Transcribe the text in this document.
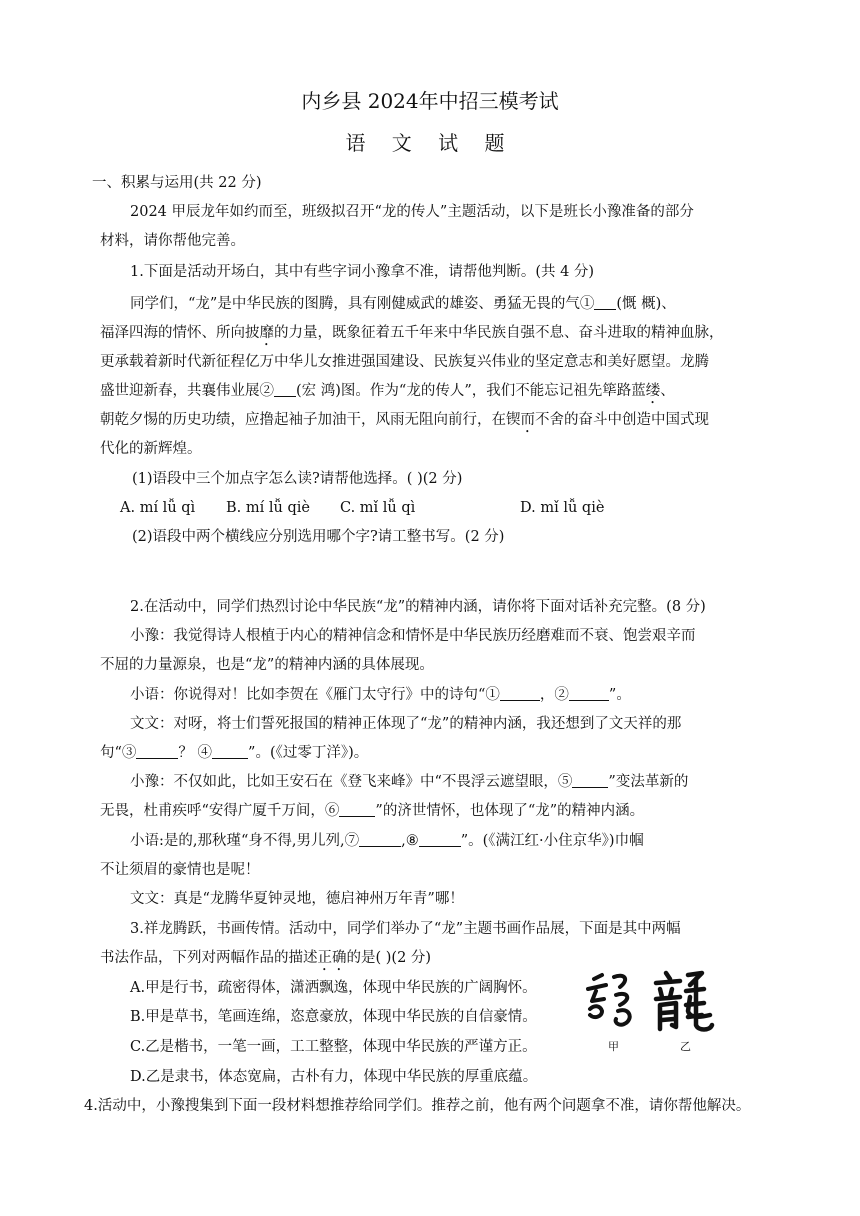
内乡县 2024年中招三模考试
语 文 试 题
一、积累与运用(共 22 分)
2024 甲辰龙年如约而至，班级拟召开“龙的传人”主题活动，以下是班长小豫准备的部分
材料，请你帮他完善。
1.下面是活动开场白，其中有些字词小豫拿不准，请帮他判断。(共 4 分)
同学们，“龙”是中华民族的图腾，具有刚健威武的雄姿、勇猛无畏的气① (慨 概)、
福泽四海的情怀、所向披靡的力量，既象征着五千年来中华民族自强不息、奋斗进取的精神血脉，
更承载着新时代新征程亿万中华儿女推进强国建设、民族复兴伟业的坚定意志和美好愿望。龙腾
盛世迎新春，共襄伟业展② (宏 鸿)图。作为“龙的传人”，我们不能忘记祖先筚路蓝缕、
朝乾夕惕的历史功绩，应撸起袖子加油干，风雨无阻向前行，在锲而不舍的奋斗中创造中国式现
代化的新辉煌。
(1)语段中三个加点字怎么读?请帮他选择。( )(2 分)
A. mí lǚ qì B. mí lǚ qiè C. mǐ lǚ qì	D. mǐ lǚ qiè
(2)语段中两个横线应分别选用哪个字?请工整书写。(2 分)
2.在活动中，同学们热烈讨论中华民族“龙”的精神内涵，请你将下面对话补充完整。(8 分)
小豫：我觉得诗人根植于内心的精神信念和情怀是中华民族历经磨难而不衰、饱尝艰辛而
不屈的力量源泉，也是“龙”的精神内涵的具体展现。
小语：你说得对！比如李贺在《雁门太守行》中的诗句“①	，②	”。
文文：对呀，将士们誓死报国的精神正体现了“龙”的精神内涵，我还想到了文天祥的那
句“③	？ ④ ”。(《过零丁洋》)。
小豫：不仅如此，比如王安石在《登飞来峰》中“不畏浮云遮望眼，⑤ ”变法革新的
无畏，杜甫疾呼“安得广厦千万间，⑥ ”的济世情怀，也体现了“龙”的精神内涵。
小语:是的,那秋瑾“身不得,男儿列,⑦	,⑧	”。(《满江红·小住京华》)巾帼
不让须眉的豪情也是呢！
文文：真是“龙腾华夏钟灵地，德启神州万年青”哪！
3.祥龙腾跃，书画传情。活动中，同学们举办了“龙”主题书画作品展，下面是其中两幅
书法作品，下列对两幅作品的描述正确的是( )(2 分)
A.甲是行书，疏密得体，潇洒飘逸，体现中华民族的广阔胸怀。
B.甲是草书，笔画连绵，恣意豪放，体现中华民族的自信豪情。
C.乙是楷书，一笔一画，工工整整，体现中华民族的严谨方正。
D.乙是隶书，体态宽扁，古朴有力，体现中华民族的厚重底蕴。
甲	乙
4.活动中，小豫搜集到下面一段材料想推荐给同学们。推荐之前，他有两个问题拿不准，请你帮他解决。
